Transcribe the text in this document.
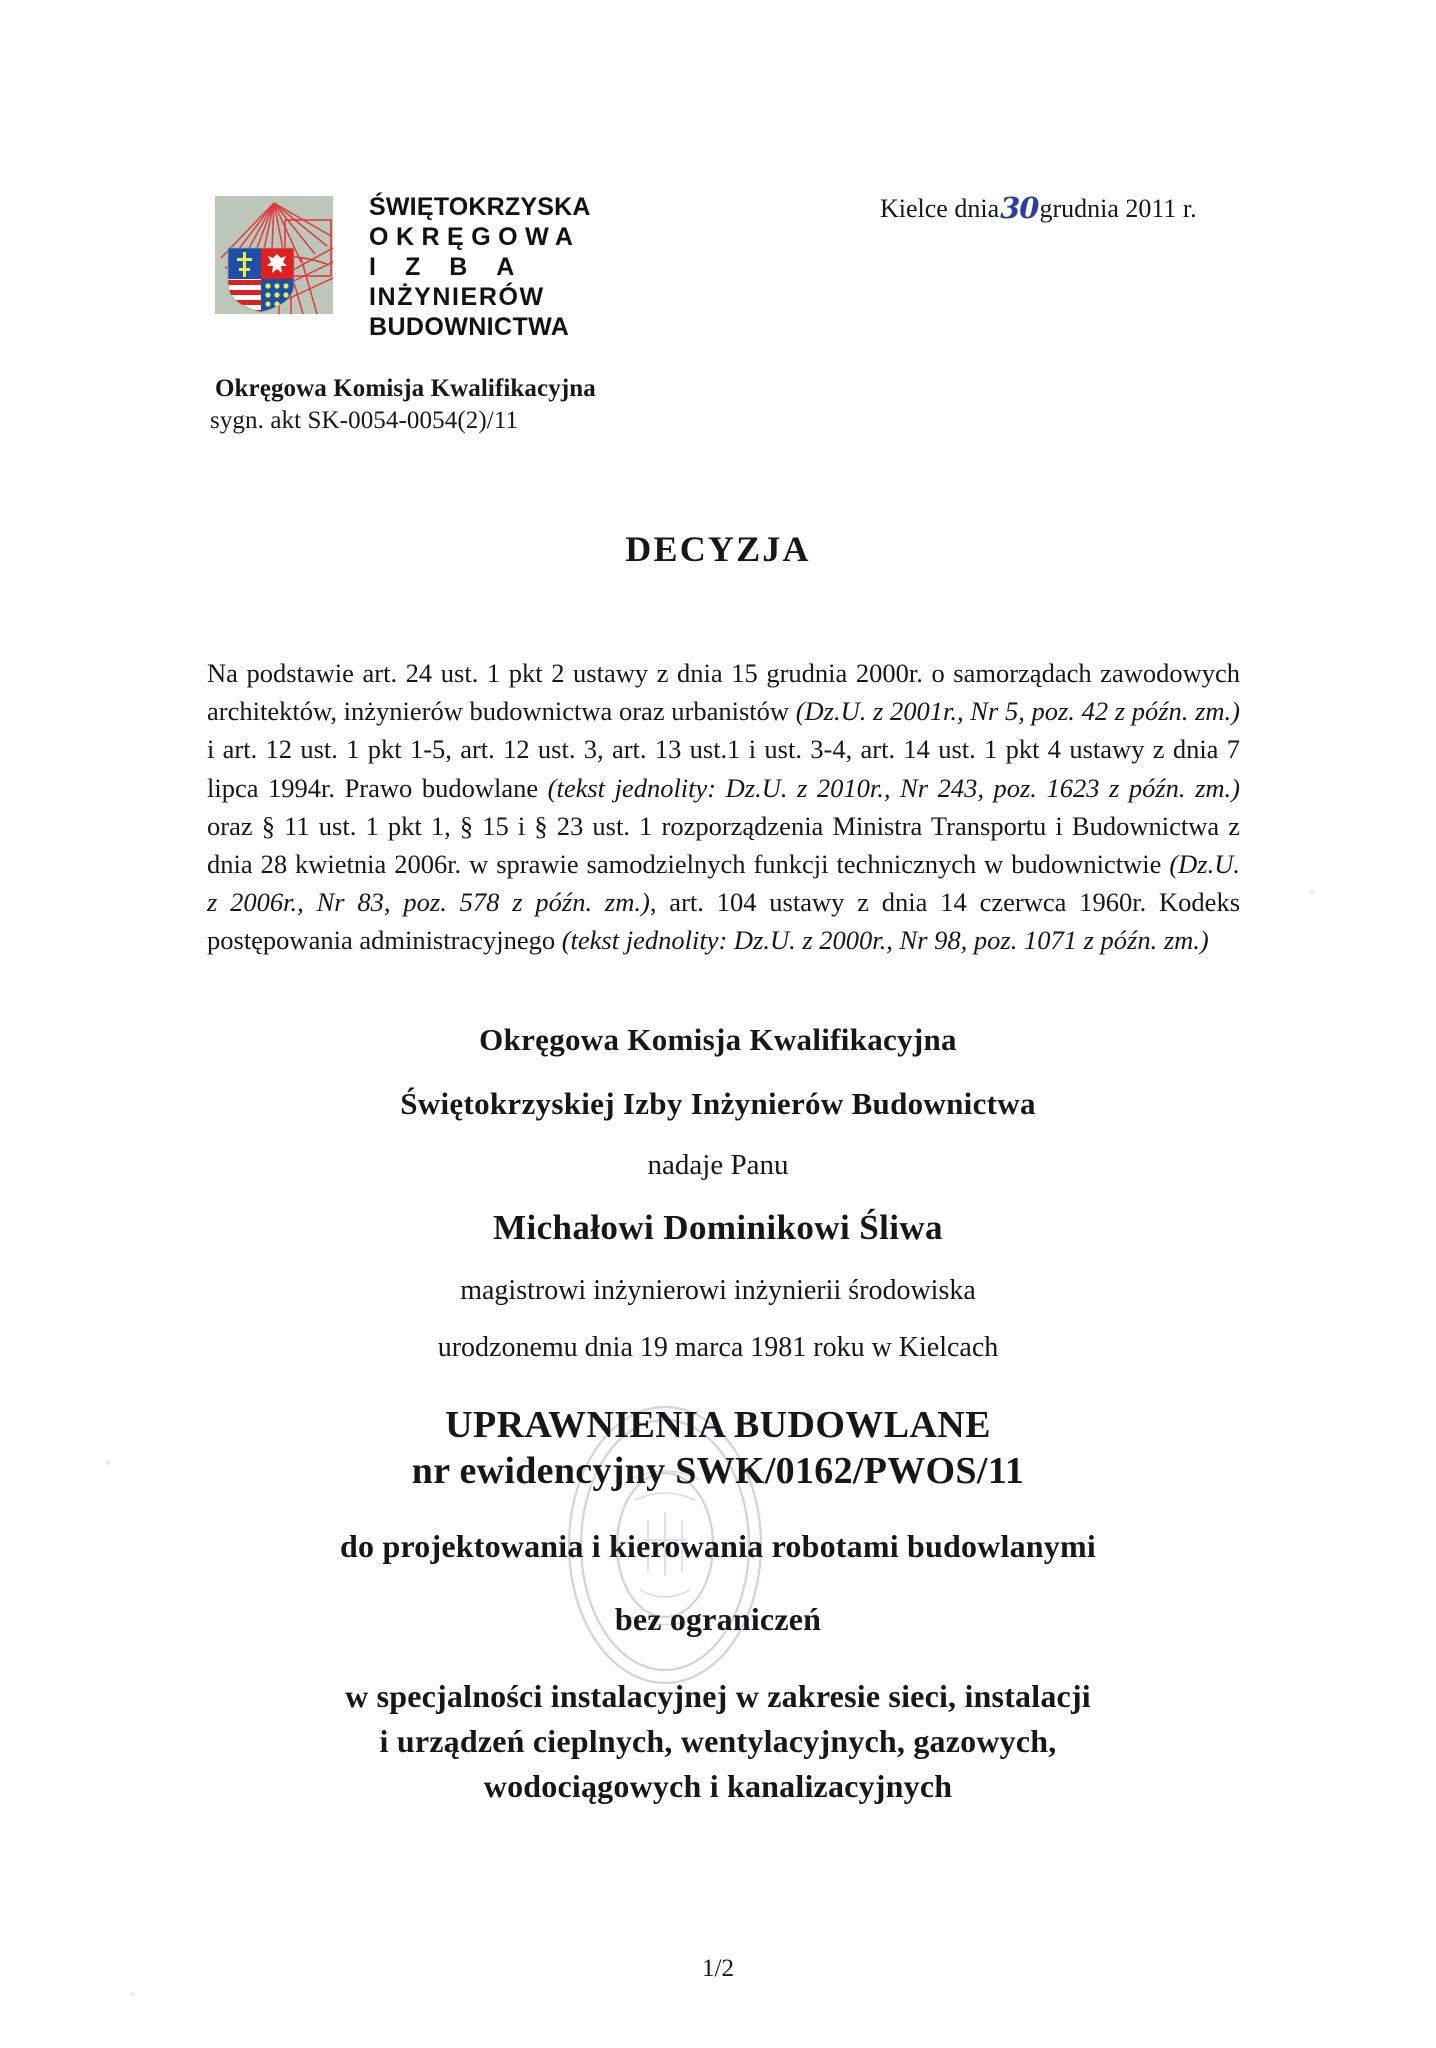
ŚWIĘTOKRZYSKA
OKRĘGOWA
IZBA
INŻYNIERÓW
BUDOWNICTWA
Okręgowa Komisja Kwalifikacyjna
sygn. akt SK-0054-0054(2)/11
Kielce dnia30grudnia 2011 r.
DECYZJA
Na podstawie art. 24 ust. 1 pkt 2 ustawy z dnia 15 grudnia 2000r. o samorządach zawodowych architektów, inżynierów budownictwa oraz urbanistów (Dz.U. z 2001r., Nr 5, poz. 42 z późn. zm.) i art. 12 ust. 1 pkt 1-5, art. 12 ust. 3, art. 13 ust.1 i ust. 3-4, art. 14 ust. 1 pkt 4 ustawy z dnia 7 lipca 1994r. Prawo budowlane (tekst jednolity: Dz.U. z 2010r., Nr 243, poz. 1623 z późn. zm.) oraz § 11 ust. 1 pkt 1, § 15 i § 23 ust. 1 rozporządzenia Ministra Transportu i Budownictwa z dnia 28 kwietnia 2006r. w sprawie samodzielnych funkcji technicznych w budownictwie (Dz.U. z 2006r., Nr 83, poz. 578 z późn. zm.), art. 104 ustawy z dnia 14 czerwca 1960r. Kodeks postępowania administracyjnego (tekst jednolity: Dz.U. z 2000r., Nr 98, poz. 1071 z późn. zm.)
Okręgowa Komisja Kwalifikacyjna
Świętokrzyskiej Izby Inżynierów Budownictwa
nadaje Panu
Michałowi Dominikowi Śliwa
magistrowi inżynierowi inżynierii środowiska
urodzonemu dnia 19 marca 1981 roku w Kielcach
UPRAWNIENIA BUDOWLANE
nr ewidencyjny SWK/0162/PWOS/11
do projektowania i kierowania robotami budowlanymi
bez ograniczeń
w specjalności instalacyjnej w zakresie sieci, instalacji
i urządzeń cieplnych, wentylacyjnych, gazowych,
wodociągowych i kanalizacyjnych
1/2
